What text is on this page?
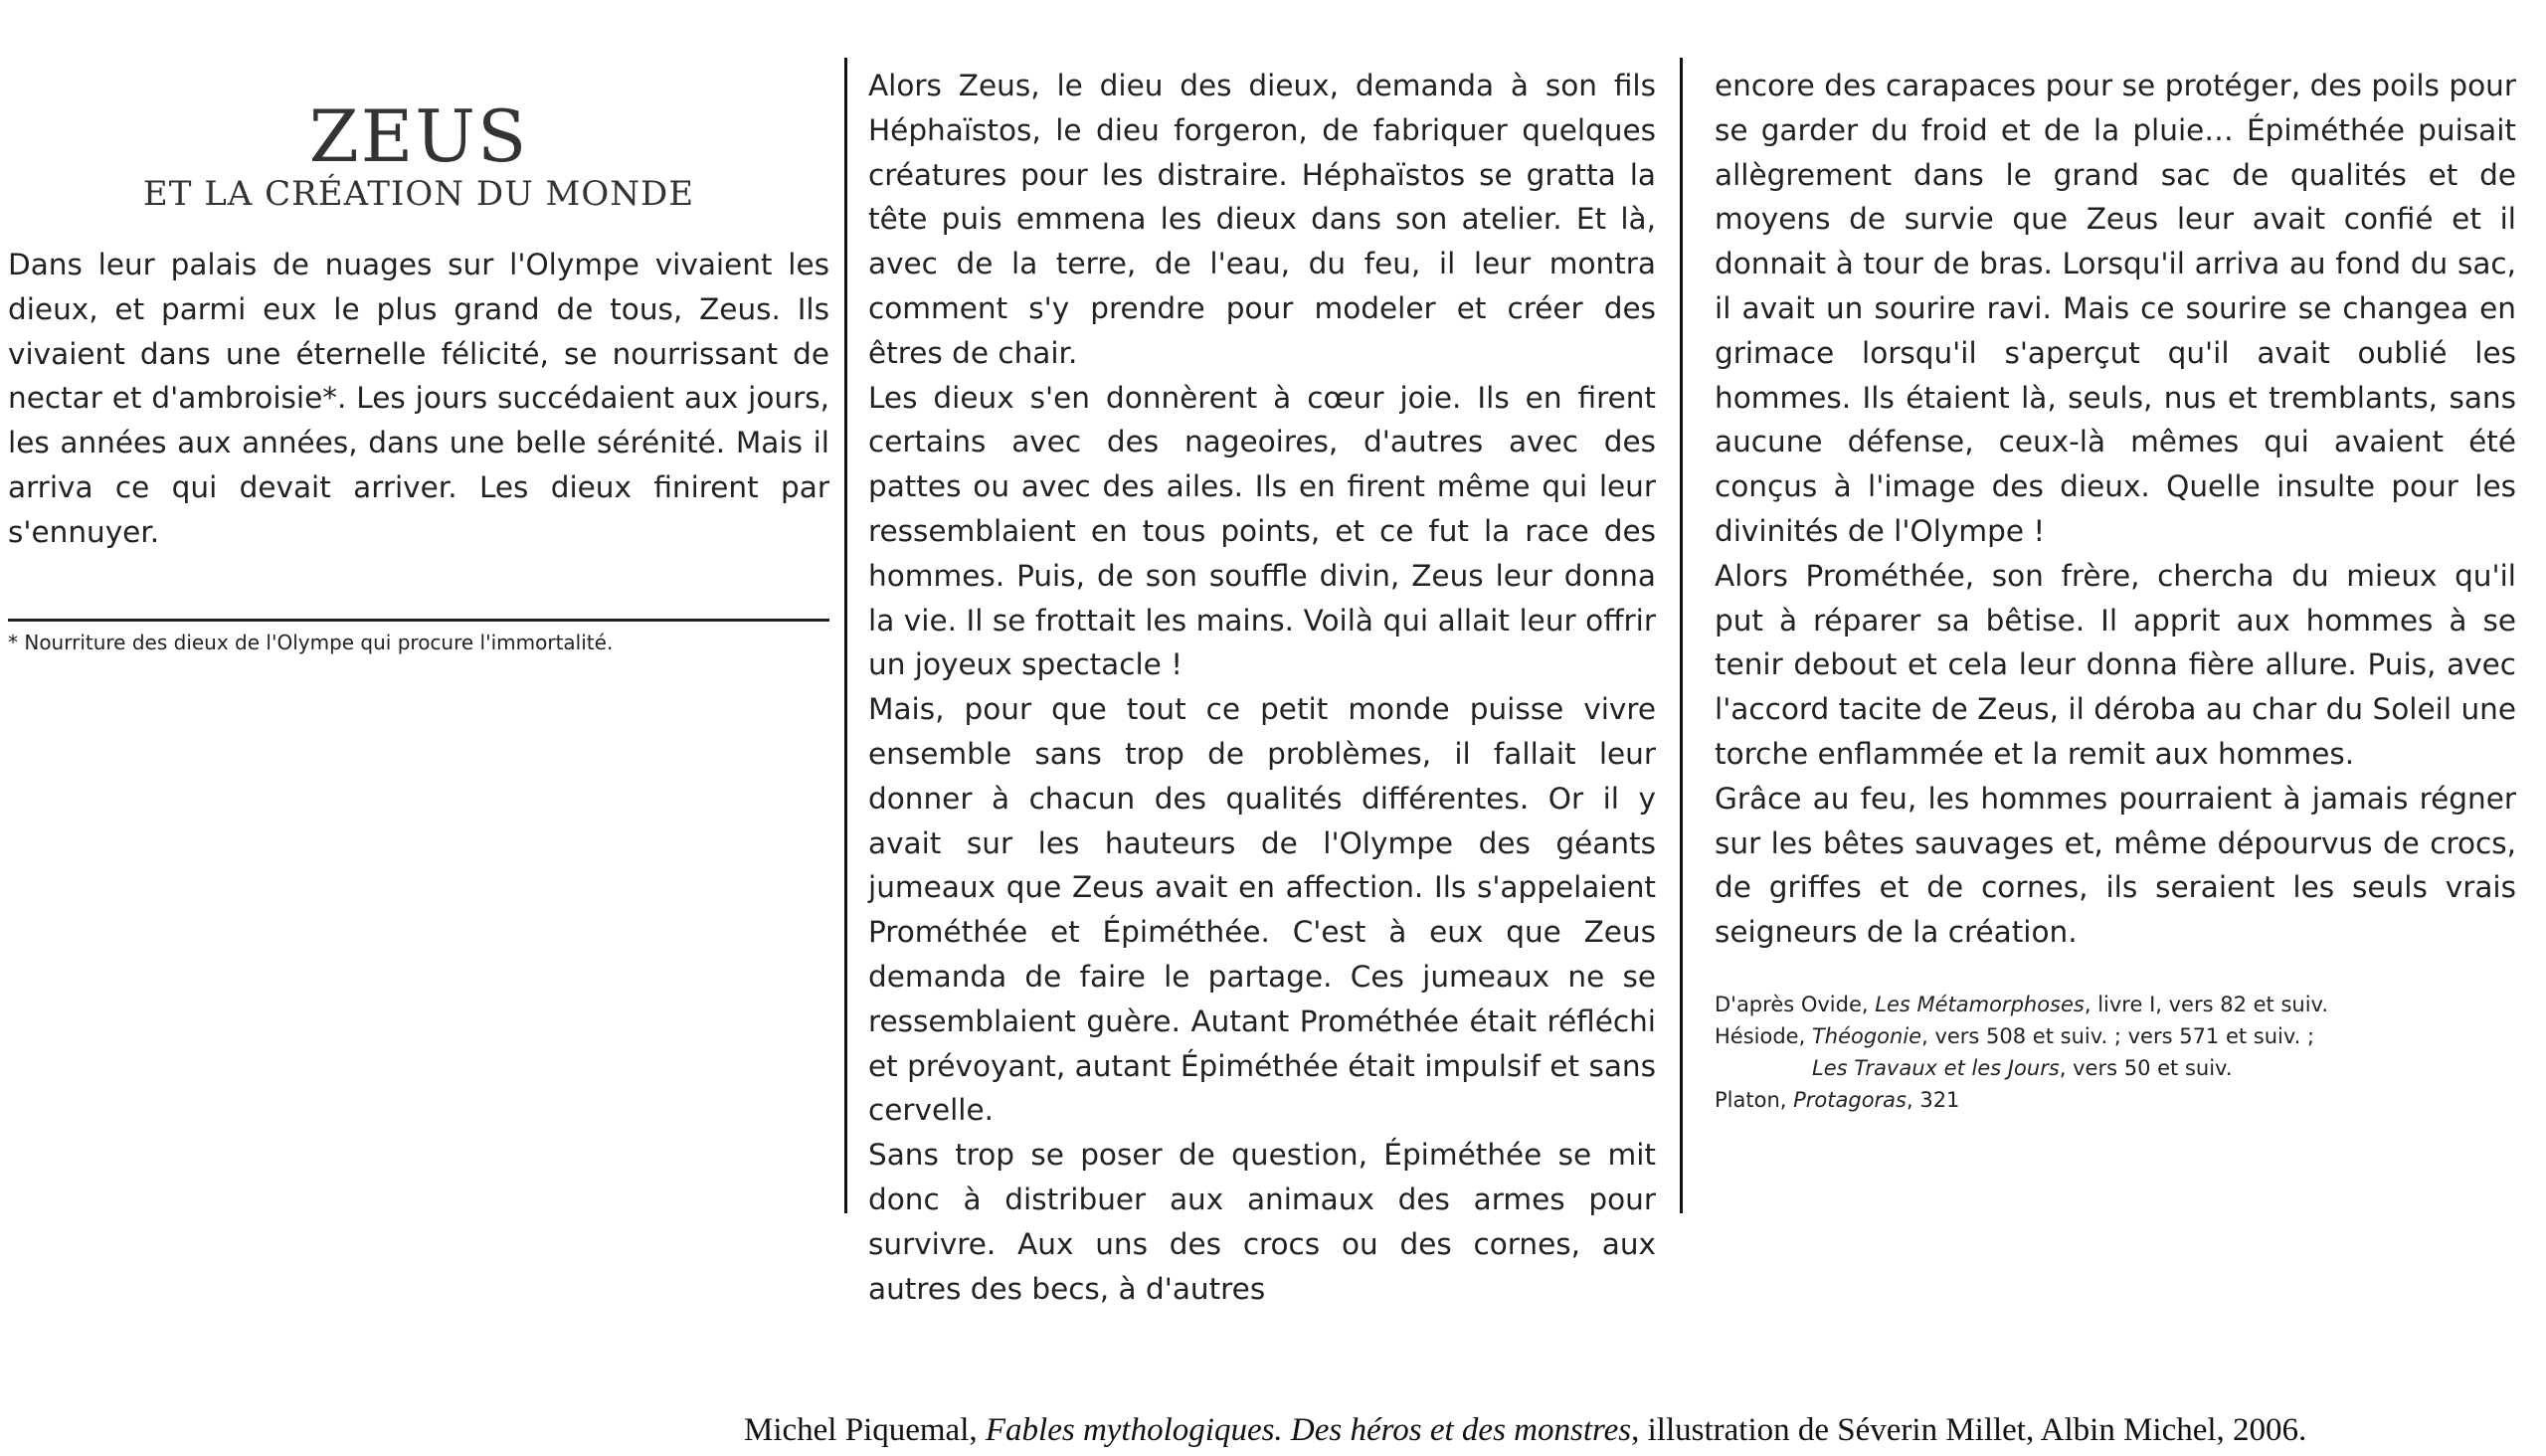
ZEUS
ET LA CRÉATION DU MONDE

Dans leur palais de nuages sur l'Olympe vivaient les dieux, et parmi eux le plus grand de tous, Zeus. Ils vivaient dans une éternelle félicité, se nourrissant de nectar et d'ambroisie*. Les jours succédaient aux jours, les années aux années, dans une belle sérénité. Mais il arriva ce qui devait arriver. Les dieux finirent par s'ennuyer.

* Nourriture des dieux de l'Olympe qui procure l'immortalité.

Alors Zeus, le dieu des dieux, demanda à son fils Héphaïstos, le dieu forgeron, de fabriquer quelques créatures pour les distraire. Héphaïstos se gratta la tête puis emmena les dieux dans son atelier. Et là, avec de la terre, de l'eau, du feu, il leur montra comment s'y prendre pour modeler et créer des êtres de chair.

Les dieux s'en donnèrent à cœur joie. Ils en firent certains avec des nageoires, d'autres avec des pattes ou avec des ailes. Ils en firent même qui leur ressemblaient en tous points, et ce fut la race des hommes. Puis, de son souffle divin, Zeus leur donna la vie. Il se frottait les mains. Voilà qui allait leur offrir un joyeux spectacle !

Mais, pour que tout ce petit monde puisse vivre ensemble sans trop de problèmes, il fallait leur donner à chacun des qualités différentes. Or il y avait sur les hauteurs de l'Olympe des géants jumeaux que Zeus avait en affection. Ils s'appelaient Prométhée et Épiméthée. C'est à eux que Zeus demanda de faire le partage. Ces jumeaux ne se ressemblaient guère. Autant Prométhée était réfléchi et prévoyant, autant Épiméthée était impulsif et sans cervelle.

Sans trop se poser de question, Épiméthée se mit donc à distribuer aux animaux des armes pour survivre. Aux uns des crocs ou des cornes, aux autres des becs, à d'autres

encore des carapaces pour se protéger, des poils pour se garder du froid et de la pluie… Épiméthée puisait allègrement dans le grand sac de qualités et de moyens de survie que Zeus leur avait confié et il donnait à tour de bras. Lorsqu'il arriva au fond du sac, il avait un sourire ravi. Mais ce sourire se changea en grimace lorsqu'il s'aperçut qu'il avait oublié les hommes. Ils étaient là, seuls, nus et tremblants, sans aucune défense, ceux-là mêmes qui avaient été conçus à l'image des dieux. Quelle insulte pour les divinités de l'Olympe !

Alors Prométhée, son frère, chercha du mieux qu'il put à réparer sa bêtise. Il apprit aux hommes à se tenir debout et cela leur donna fière allure. Puis, avec l'accord tacite de Zeus, il déroba au char du Soleil une torche enflammée et la remit aux hommes.

Grâce au feu, les hommes pourraient à jamais régner sur les bêtes sauvages et, même dépourvus de crocs, de griffes et de cornes, ils seraient les seuls vrais seigneurs de la création.

D'après Ovide, Les Métamorphoses, livre I, vers 82 et suiv.
Hésiode, Théogonie, vers 508 et suiv. ; vers 571 et suiv. ;
Les Travaux et les Jours, vers 50 et suiv.
Platon, Protagoras, 321
Michel Piquemal, Fables mythologiques. Des héros et des monstres, illustration de Séverin Millet, Albin Michel, 2006.
